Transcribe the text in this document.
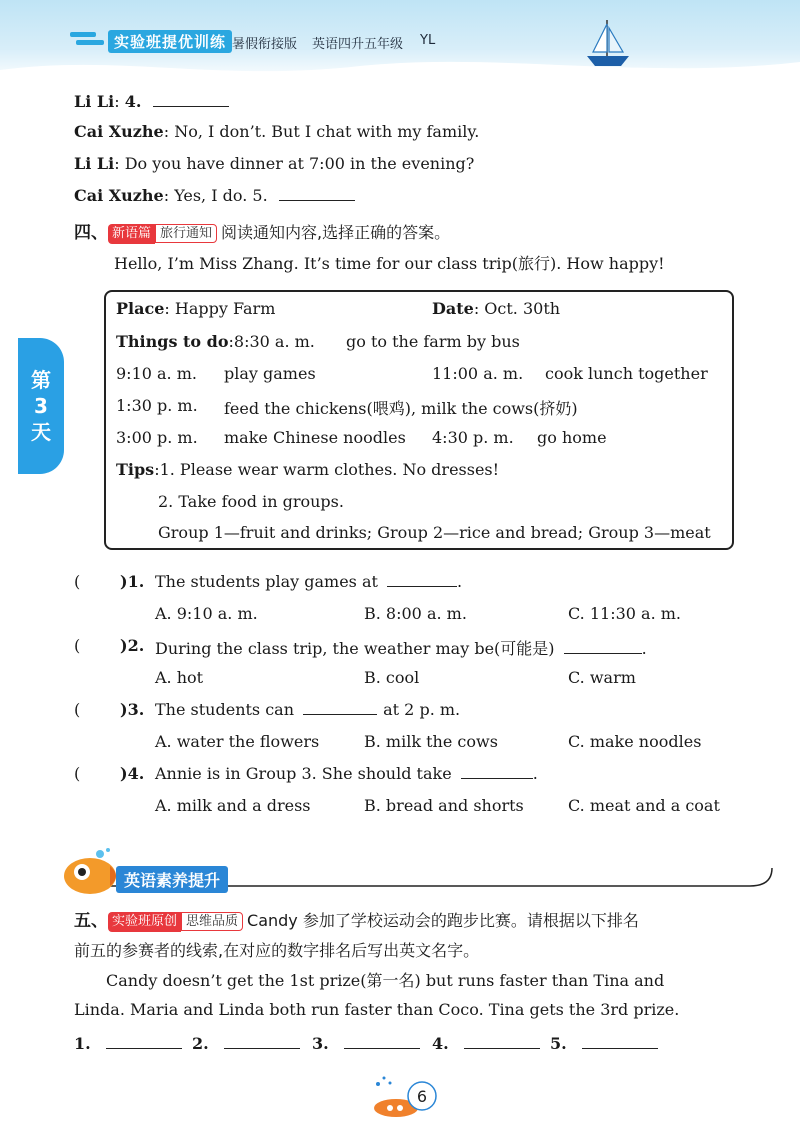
实验班提优训练 暑假衔接版 英语四升五年级 YL
第
3
天
Li Li: 4.
Cai Xuzhe: No, I don’t. But I chat with my family.
Li Li: Do you have dinner at 7:00 in the evening?
Cai Xuzhe: Yes, I do. 5.
四、 新语篇 旅行通知 阅读通知内容,选择正确的答案。
Hello, I’m Miss Zhang. It’s time for our class trip(旅行). How happy!
Place: Happy Farm	Date: Oct. 30th
Things to do:8:30 a. m. go to the farm by bus
9:10 a. m. play games	11:00 a. m. cook lunch together
1:30 p. m. feed the chickens(喂鸡), milk the cows(挤奶)
3:00 p. m. make Chinese noodles 4:30 p. m. go home
Tips:1. Please wear warm clothes. No dresses!
2. Take food in groups.
Group 1—fruit and drinks; Group 2—rice and bread; Group 3—meat
( )1. The students play games at	.
A. 9:10 a. m.	B. 8:00 a. m.	C. 11:30 a. m.
( )2. During the class trip, the weather may be(可能是)	.
A. hot	B. cool	C. warm
( )3. The students can	at 2 p. m.
A. water the flowers	B. milk the cows	C. make noodles
( )4. Annie is in Group 3. She should take	.
A. milk and a dress	B. bread and shorts	C. meat and a coat
英语素养提升
五、 实验班原创 思维品质 Candy 参加了学校运动会的跑步比赛。请根据以下排名
前五的参赛者的线索,在对应的数字排名后写出英文名字。
Candy doesn’t get the 1st prize(第一名) but runs faster than Tina and
Linda. Maria and Linda both run faster than Coco. Tina gets the 3rd prize.
1.	2.	3.	4.	5.
6
